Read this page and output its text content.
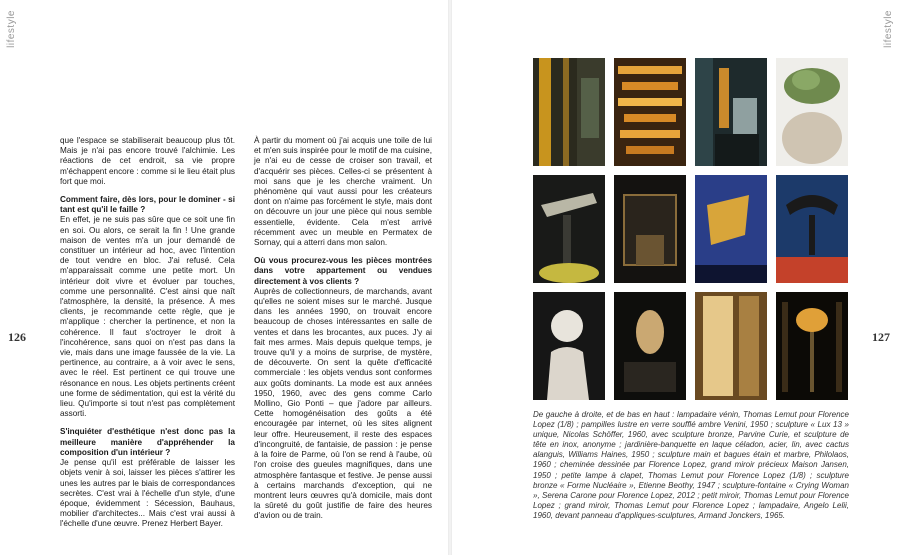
lifestyle	lifestyle
126	127

que l'espace se stabiliserait beaucoup plus tôt. Mais je n'ai pas encore trouvé l'alchimie. Les réactions de cet endroit, sa vie propre m'échappent encore : comme si le lieu était plus fort que moi.

Comment faire, dès lors, pour le dominer - si tant est qu'il le faille ?

En effet, je ne suis pas sûre que ce soit une fin en soi. Ou alors, ce serait la fin ! Une grande maison de ventes m'a un jour demandé de constituer un intérieur ad hoc, avec l'intention de tout vendre en bloc. J'ai refusé. Cela m'apparaissait comme une petite mort. Un intérieur doit vivre et évoluer par touches, comme une personnalité. C'est ainsi que naît l'atmosphère, la densité, la présence. À mes clients, je recommande cette règle, que je m'applique : chercher la pertinence, et non la cohérence. Il faut s'octroyer le droit à l'incohérence, sans quoi on n'est pas dans la vie, mais dans une image faussée de la vie. La pertinence, au contraire, a à voir avec le sens, avec le réel. Est pertinent ce qui trouve une résonance en nous. Les objets pertinents créent une forme de sédimentation, qui est la vérité du lieu. Qu'importe si tout n'est pas complètement assorti.

S'inquiéter d'esthétique n'est donc pas la meilleure manière d'appréhender la composition d'un intérieur ?

Je pense qu'il est préférable de laisser les objets venir à soi, laisser les pièces s'attirer les unes les autres par le biais de correspondances secrètes. C'est vrai à l'échelle d'un style, d'une époque, évidemment : Sécession, Bauhaus, mobilier d'architectes... Mais c'est vrai aussi à l'échelle d'une œuvre. Prenez Herbert Bayer.

À partir du moment où j'ai acquis une toile de lui et m'en suis inspirée pour le motif de ma cuisine, je n'ai eu de cesse de croiser son travail, et d'acquérir ses pièces. Celles-ci se présentent à moi sans que je les cherche vraiment. Un phénomène qui vaut aussi pour les créateurs dont on n'aime pas forcément le style, mais dont on découvre un jour une pièce qui nous semble essentielle, évidente. Cela m'est arrivé récemment avec un meuble en Permatex de Sornay, qui a atterri dans mon salon.

Où vous procurez-vous les pièces montrées dans votre appartement ou vendues directement à vos clients ?

Auprès de collectionneurs, de marchands, avant qu'elles ne soient mises sur le marché. Jusque dans les années 1990, on trouvait encore beaucoup de choses intéressantes en salle de ventes et dans les brocantes, aux puces. J'y ai fait mes armes. Mais depuis quelque temps, je trouve qu'il y a moins de surprise, de mystère, de découverte. On sent la quête d'efficacité commerciale : les objets vendus sont conformes aux goûts dominants. La mode est aux années 1950, 1960, avec des gens comme Carlo Mollino, Gio Ponti – que j'adore par ailleurs. Cette homogénéisation des goûts a été encouragée par internet, où les sites alignent leur offre. Heureusement, il reste des espaces d'incongruité, de fantaisie, de passion : je pense à la foire de Parme, où l'on se rend à l'aube, où l'on croise des gueules magnifiques, dans une atmosphère fantasque et festive. Je pense aussi à certains marchands d'exception, qui ne montrent leurs œuvres qu'à domicile, mais dont la sûreté du goût justifie de faire des heures d'avion ou de train.

De gauche à droite, et de bas en haut : lampadaire vénin, Thomas Lemut pour Florence Lopez (1/8) ; pampilles lustre en verre soufflé ambre Venini, 1950 ; sculpture « Lux 13 » unique, Nicolas Schöffer, 1960, avec sculpture bronze, Parvine Curie, et sculpture de tête en inox, anonyme ; jardinière-banquette en laque céladon, acier, lin, avec cactus alanguis, Williams Haines, 1950 ; sculpture main et bagues étain et marbre, Philolaos, 1960 ; cheminée dessinée par Florence Lopez, grand miroir précieux Maison Jansen, 1950 ; petite lampe à clapet, Thomas Lemut pour Florence Lopez (1/8) ; sculpture bronze « Forme Nucléaire », Etienne Beothy, 1947 ; sculpture-fontaine « Crying Woman », Serena Carone pour Florence Lopez, 2012 ; petit miroir, Thomas Lemut pour Florence Lopez ; grand miroir, Thomas Lemut pour Florence Lopez ; lampadaire, Angelo Lelii, 1960, devant panneau d'appliques-sculptures, Armand Jonckers, 1965.
